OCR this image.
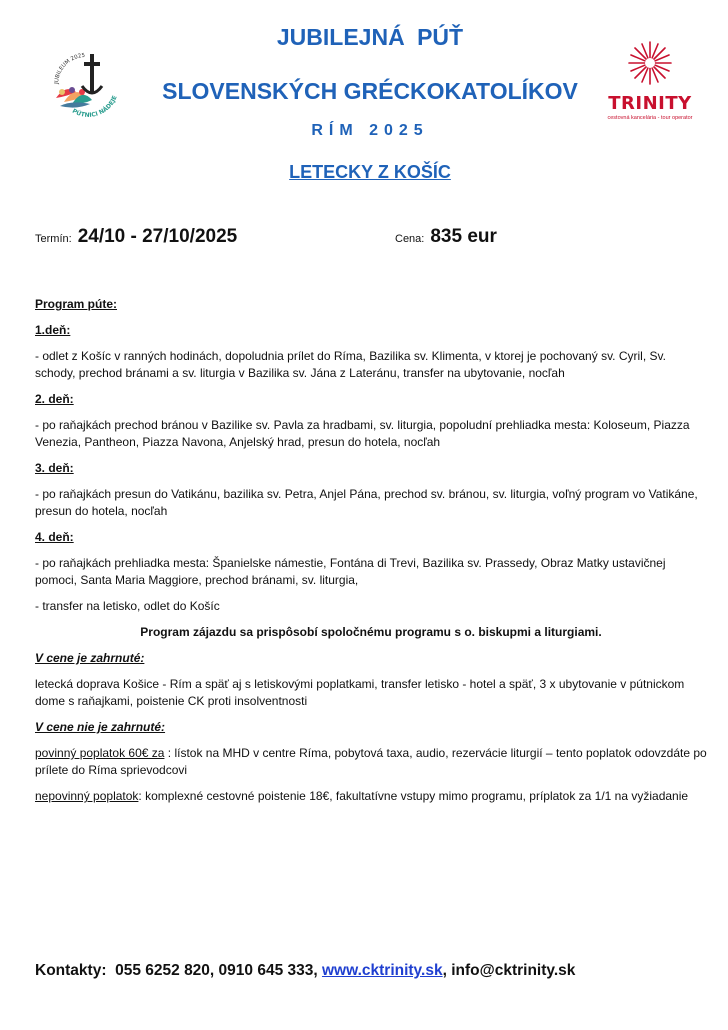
JUBILEJNÁ PÚŤ
SLOVENSKÝCH GRÉCKOKATOLÍKOV
RÍM 2025
LETECKY Z KOŠÍC
JUBILEUM 2025
PÚTNICI NÁDEJE	TRINITY
cestovná kancelária - tour operator
Termín: 24/10 - 27/10/2025	Cena: 835 eur

Program púte:

1.deň:

- odlet z Košíc v ranných hodinách, dopoludnia prílet do Ríma, Bazilika sv. Klimenta, v ktorej je pochovaný sv. Cyril, Sv. schody, prechod bránami a sv. liturgia v Bazilika sv. Jána z Lateránu, transfer na ubytovanie, nocľah

2. deň:

- po raňajkách prechod bránou v Bazilike sv. Pavla za hradbami, sv. liturgia, popoludní prehliadka mesta: Koloseum, Piazza Venezia, Pantheon, Piazza Navona, Anjelský hrad, presun do hotela, nocľah

3. deň:

- po raňajkách presun do Vatikánu, bazilika sv. Petra, Anjel Pána, prechod sv. bránou, sv. liturgia, voľný program vo Vatikáne, presun do hotela, nocľah

4. deň:

- po raňajkách prehliadka mesta: Španielske námestie, Fontána di Trevi, Bazilika sv. Prassedy, Obraz Matky ustavičnej pomoci, Santa Maria Maggiore, prechod bránami, sv. liturgia,

- transfer na letisko, odlet do Košíc

Program zájazdu sa prispôsobí spoločnému programu s o. biskupmi a liturgiami.

V cene je zahrnuté:

letecká doprava Košice - Rím a späť aj s letiskovými poplatkami, transfer letisko - hotel a späť, 3 x ubytovanie v pútnickom dome s raňajkami, poistenie CK proti insolventnosti

V cene nie je zahrnuté:

povinný poplatok 60€ za : lístok na MHD v centre Ríma, pobytová taxa, audio, rezervácie liturgií – tento poplatok odovzdáte po prílete do Ríma sprievodcovi

nepovinný poplatok: komplexné cestovné poistenie 18€, fakultatívne vstupy mimo programu, príplatok za 1/1 na vyžiadanie

Kontakty: 055 6252 820, 0910 645 333, www.cktrinity.sk, info@cktrinity.sk
